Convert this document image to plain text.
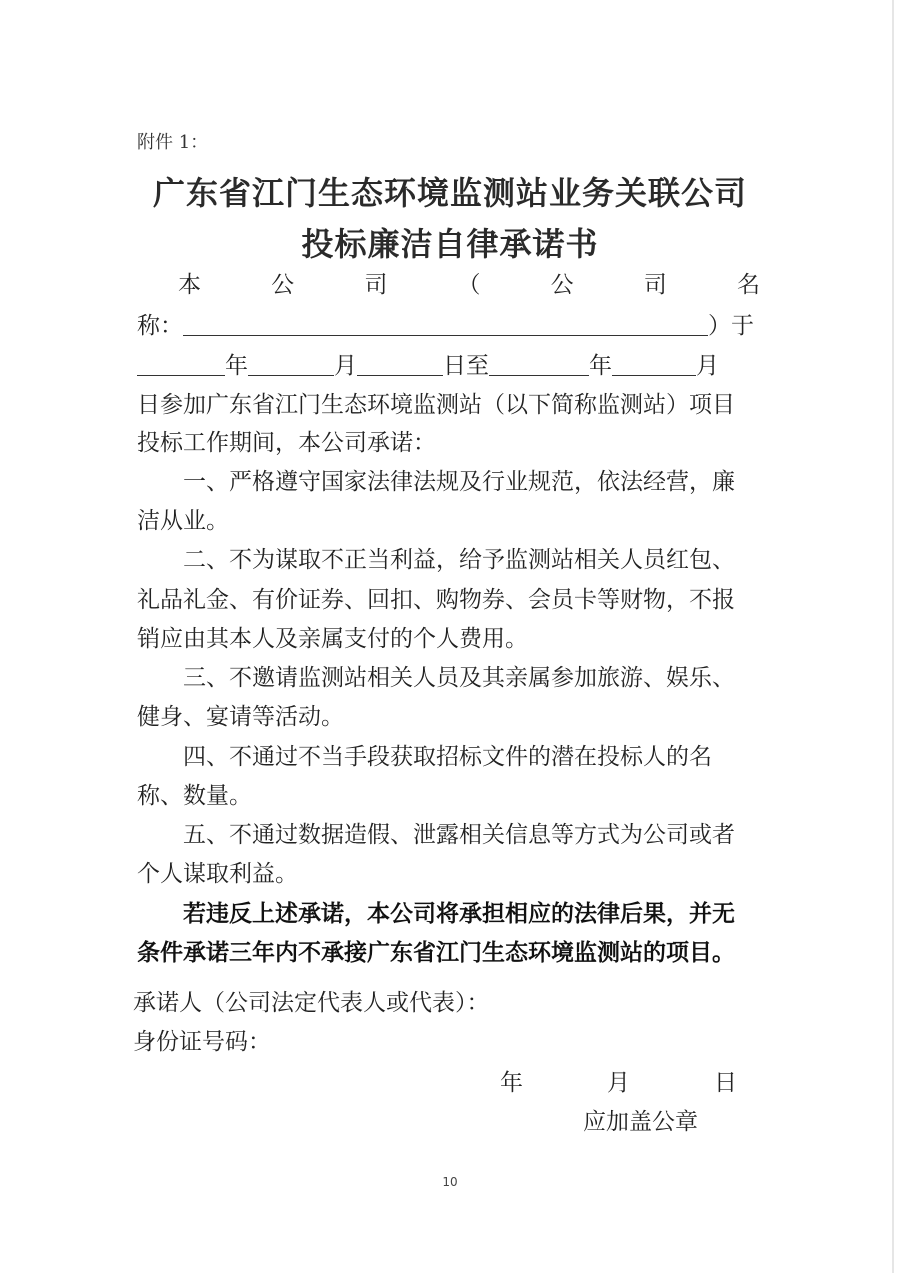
附件 1：
广东省江门生态环境监测站业务关联公司
投标廉洁自律承诺书
本	公	司	（	公	司	名
称：	）于
年	月	日至	年	月
日参加广东省江门生态环境监测站（以下简称监测站）项目
投标工作期间，本公司承诺：
一、严格遵守国家法律法规及行业规范，依法经营，廉
洁从业。
二、不为谋取不正当利益，给予监测站相关人员红包、
礼品礼金、有价证券、回扣、购物券、会员卡等财物，不报
销应由其本人及亲属支付的个人费用。
三、不邀请监测站相关人员及其亲属参加旅游、娱乐、
健身、宴请等活动。
四、不通过不当手段获取招标文件的潜在投标人的名
称、数量。
五、不通过数据造假、泄露相关信息等方式为公司或者
个人谋取利益。
若违反上述承诺，本公司将承担相应的法律后果，并无
条件承诺三年内不承接广东省江门生态环境监测站的项目。
承诺人（公司法定代表人或代表）：
身份证号码：
年	月	日
应加盖公章
10
